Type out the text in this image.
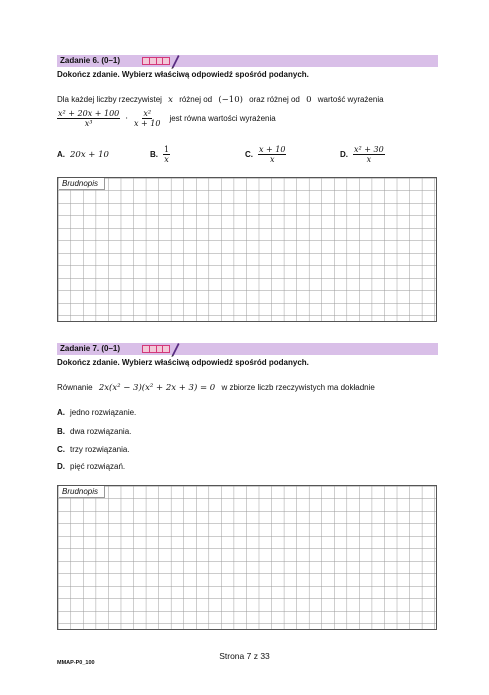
Zadanie 6. (0–1)
Dokończ zdanie. Wybierz właściwą odpowiedź spośród podanych.
Dla każdej liczby rzeczywistej x różnej od (−10) oraz różnej od 0 wartość wyrażenia
$\frac{\text{x² + 20x + 100}}{\text{x³}} \cdot \frac{\text{x²}}{x + 10}$ jest równa wartości wyrażenia
A. 20x + 10	B. $\frac{1}{x}$	C. $\frac{x + 10}{x}$	D. $\frac{\text{x² + 30}}{x}$
Brudnopis
Zadanie 7. (0–1)
Dokończ zdanie. Wybierz właściwą odpowiedź spośród podanych.
Równanie 2x(x² − 3)(x² + 2x + 3) = 0 w zbiorze liczb rzeczywistych ma dokładnie
A. jedno rozwiązanie.
B. dwa rozwiązania.
C. trzy rozwiązania.
D. pięć rozwiązań.
Brudnopis
Strona 7 z 33
MMAP-P0_100
